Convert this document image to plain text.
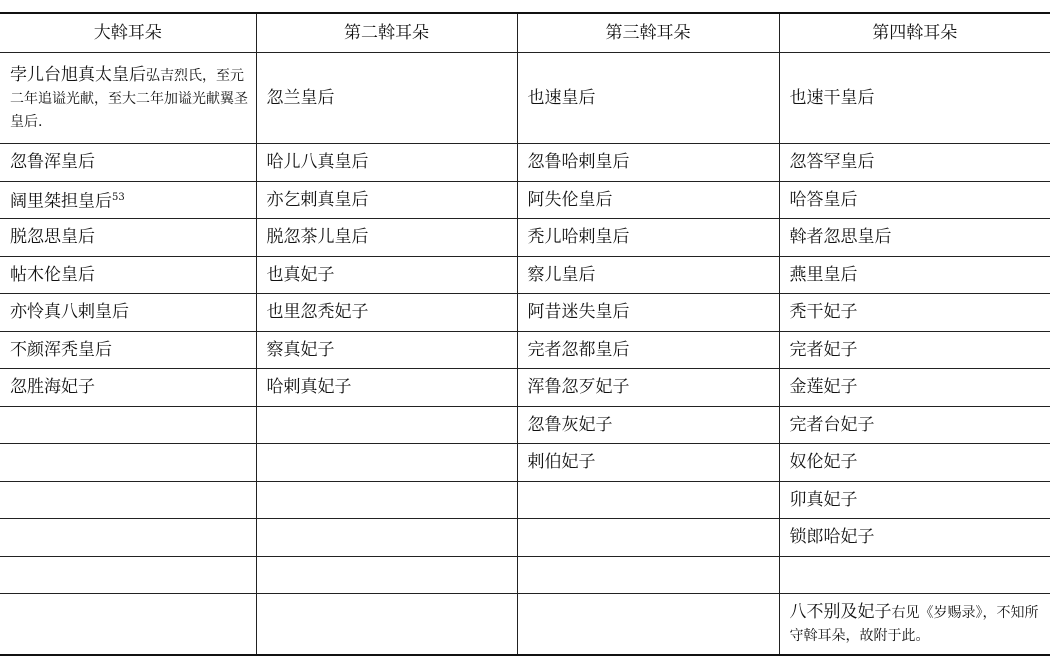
大斡耳朵	第二斡耳朵	第三斡耳朵	第四斡耳朵
孛儿台旭真太皇后弘吉烈氏，至元二年追谥光献，至大二年加谥光献翼圣皇后.	忽兰皇后	也速皇后	也速干皇后
忽鲁浑皇后	哈儿八真皇后	忽鲁哈剌皇后	忽答罕皇后
阔里桀担皇后$^{53}$	亦乞剌真皇后	阿失伦皇后	哈答皇后
脱忽思皇后	脱忽茶儿皇后	秃儿哈剌皇后	斡者忽思皇后
帖木伦皇后	也真妃子	察儿皇后	燕里皇后
亦怜真八剌皇后	也里忽秃妃子	阿昔迷失皇后	秃干妃子
不颜浑秃皇后	察真妃子	完者忽都皇后	完者妃子
忽胜海妃子	哈剌真妃子	浑鲁忽歹妃子	金莲妃子
		忽鲁灰妃子	完者台妃子
		剌伯妃子	奴伦妃子
			卯真妃子
			锁郎哈妃子

			八不别及妃子右见《岁赐录》，不知所守斡耳朵，故附于此。
